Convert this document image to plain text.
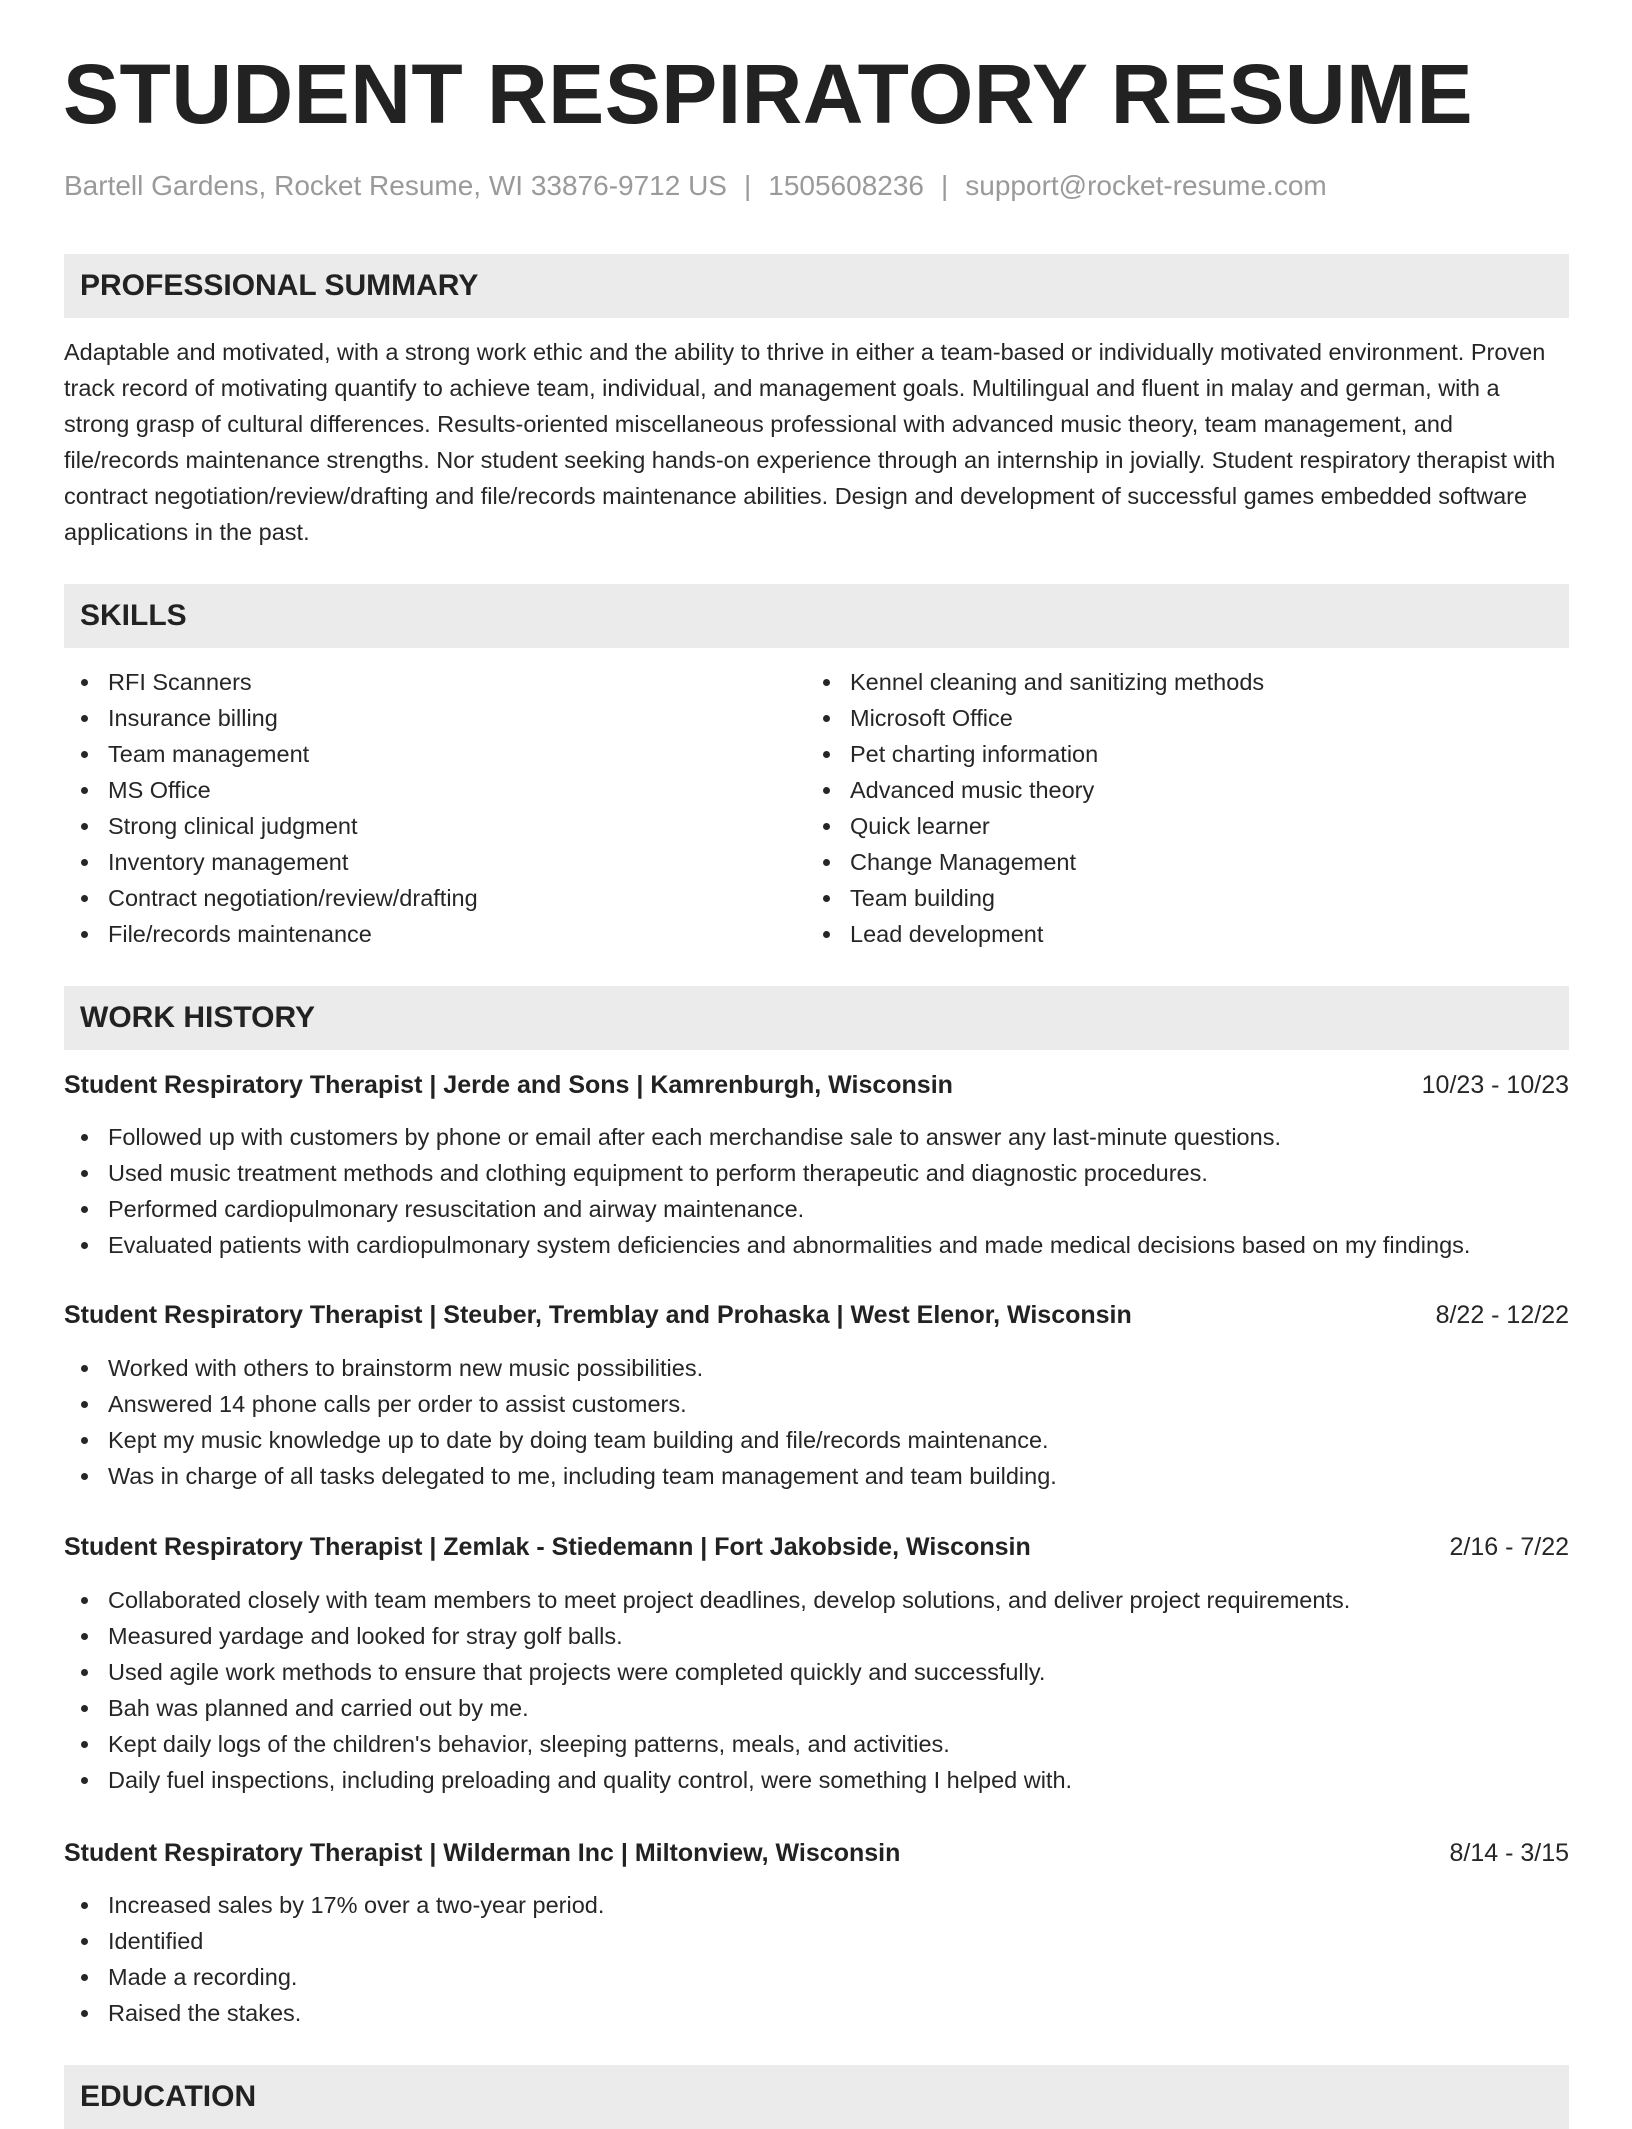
STUDENT RESPIRATORY RESUME
Bartell Gardens, Rocket Resume, WI 33876-9712 US | 1505608236 | support@rocket-resume.com
PROFESSIONAL SUMMARY

Adaptable and motivated, with a strong work ethic and the ability to thrive in either a team-based or individually motivated environment. Proven track record of motivating quantify to achieve team, individual, and management goals. Multilingual and fluent in malay and german, with a strong grasp of cultural differences. Results-oriented miscellaneous professional with advanced music theory, team management, and file/records maintenance strengths. Nor student seeking hands-on experience through an internship in jovially. Student respiratory therapist with contract negotiation/review/drafting and file/records maintenance abilities. Design and development of successful games embedded software applications in the past.

SKILLS
RFI Scanners
Insurance billing
Team management
MS Office
Strong clinical judgment
Inventory management
Contract negotiation/review/drafting
File/records maintenance
Kennel cleaning and sanitizing methods
Microsoft Office
Pet charting information
Advanced music theory
Quick learner
Change Management
Team building
Lead development
WORK HISTORY
Student Respiratory Therapist | Jerde and Sons | Kamrenburgh, Wisconsin	10/23 - 10/23
Followed up with customers by phone or email after each merchandise sale to answer any last-minute questions.
Used music treatment methods and clothing equipment to perform therapeutic and diagnostic procedures.
Performed cardiopulmonary resuscitation and airway maintenance.
Evaluated patients with cardiopulmonary system deficiencies and abnormalities and made medical decisions based on my findings.
Student Respiratory Therapist | Steuber, Tremblay and Prohaska | West Elenor, Wisconsin	8/22 - 12/22
Worked with others to brainstorm new music possibilities.
Answered 14 phone calls per order to assist customers.
Kept my music knowledge up to date by doing team building and file/records maintenance.
Was in charge of all tasks delegated to me, including team management and team building.
Student Respiratory Therapist | Zemlak - Stiedemann | Fort Jakobside, Wisconsin	2/16 - 7/22
Collaborated closely with team members to meet project deadlines, develop solutions, and deliver project requirements.
Measured yardage and looked for stray golf balls.
Used agile work methods to ensure that projects were completed quickly and successfully.
Bah was planned and carried out by me.
Kept daily logs of the children's behavior, sleeping patterns, meals, and activities.
Daily fuel inspections, including preloading and quality control, were something I helped with.
Student Respiratory Therapist | Wilderman Inc | Miltonview, Wisconsin	8/14 - 3/15
Increased sales by 17% over a two-year period.
Identified
Made a recording.
Raised the stakes.
EDUCATION
